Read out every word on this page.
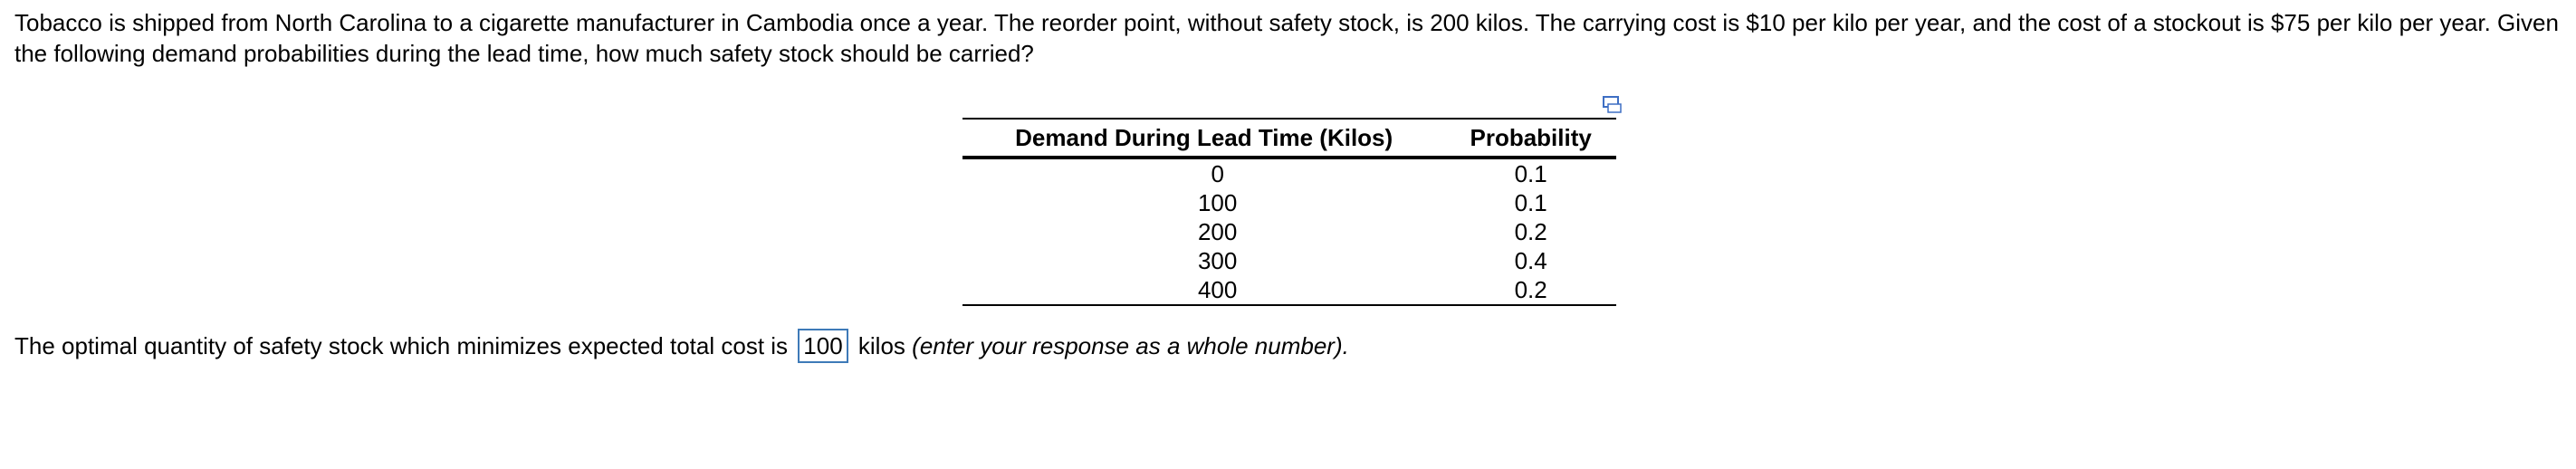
Tobacco is shipped from North Carolina to a cigarette manufacturer in Cambodia once a year. The reorder point, without safety stock, is 200 kilos. The carrying cost is $10 per kilo per year, and the cost of a stockout is $75 per kilo per year. Given the following demand probabilities during the lead time, how much safety stock should be carried?
Demand During Lead Time (Kilos)	Probability
0	0.1
100	0.1
200	0.2
300	0.4
400	0.2
The optimal quantity of safety stock which minimizes expected total cost is 100 kilos (enter your response as a whole number).
